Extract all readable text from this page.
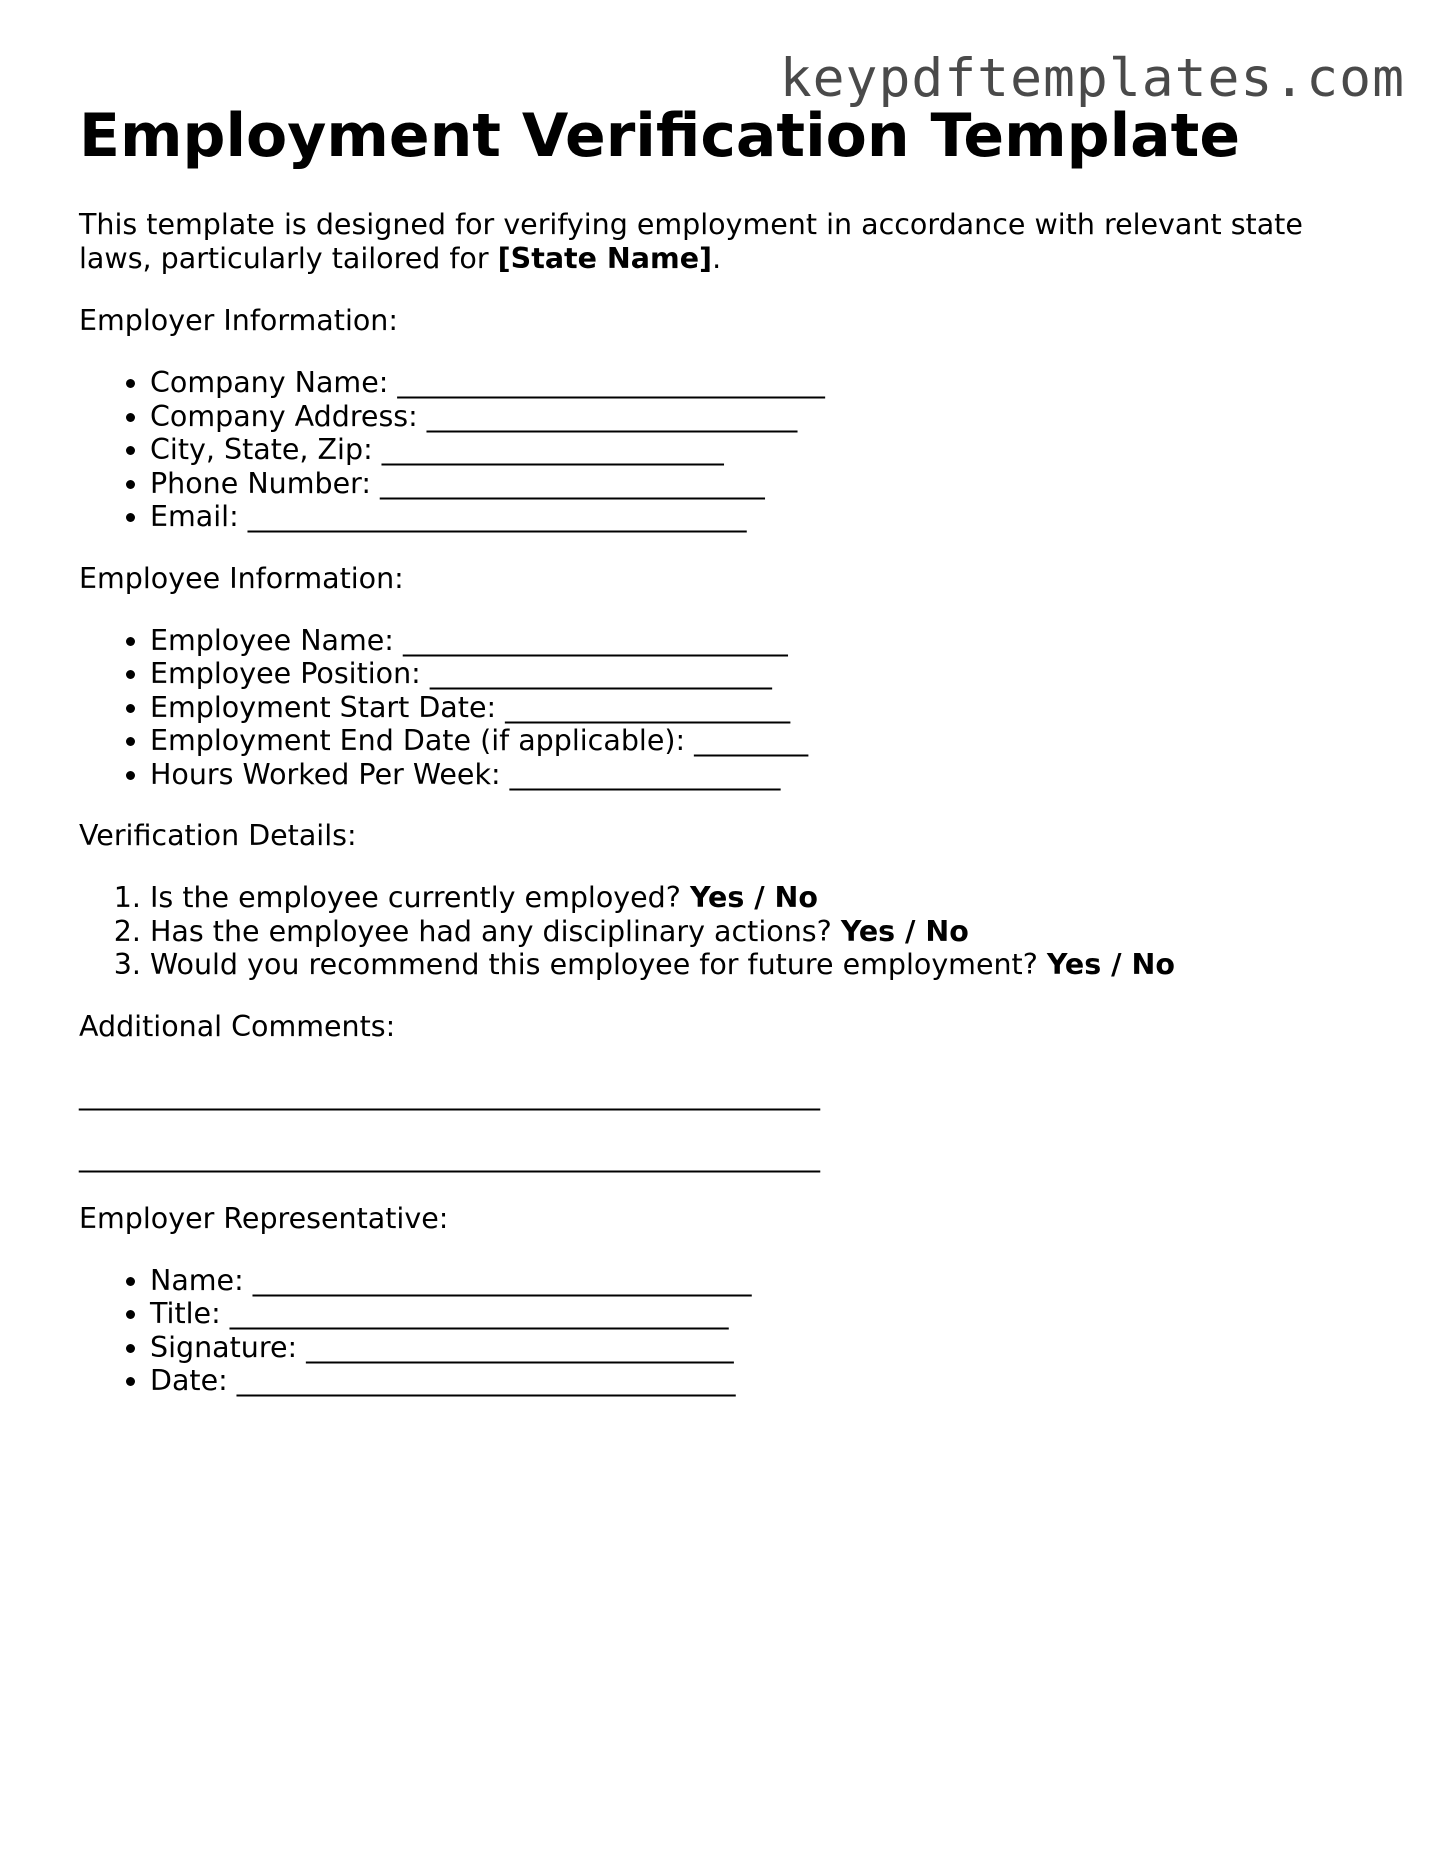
keypdftemplates.com
Employment Verification Template

This template is designed for verifying employment in accordance with relevant state laws, particularly tailored for [State Name].

Employer Information:

• Company Name: ______________________________
• Company Address: __________________________
• City, State, Zip: ________________________
• Phone Number: ___________________________
• Email: ___________________________________

Employee Information:

• Employee Name: ___________________________
• Employee Position: ________________________
• Employment Start Date: ____________________
• Employment End Date (if applicable): ________
• Hours Worked Per Week: ___________________

Verification Details:

1. Is the employee currently employed? Yes / No
2. Has the employee had any disciplinary actions? Yes / No
3. Would you recommend this employee for future employment? Yes / No

Additional Comments:

____________________________________________________

____________________________________________________

Employer Representative:

• Name: ___________________________________
• Title: ___________________________________
• Signature: ______________________________
• Date: ___________________________________
